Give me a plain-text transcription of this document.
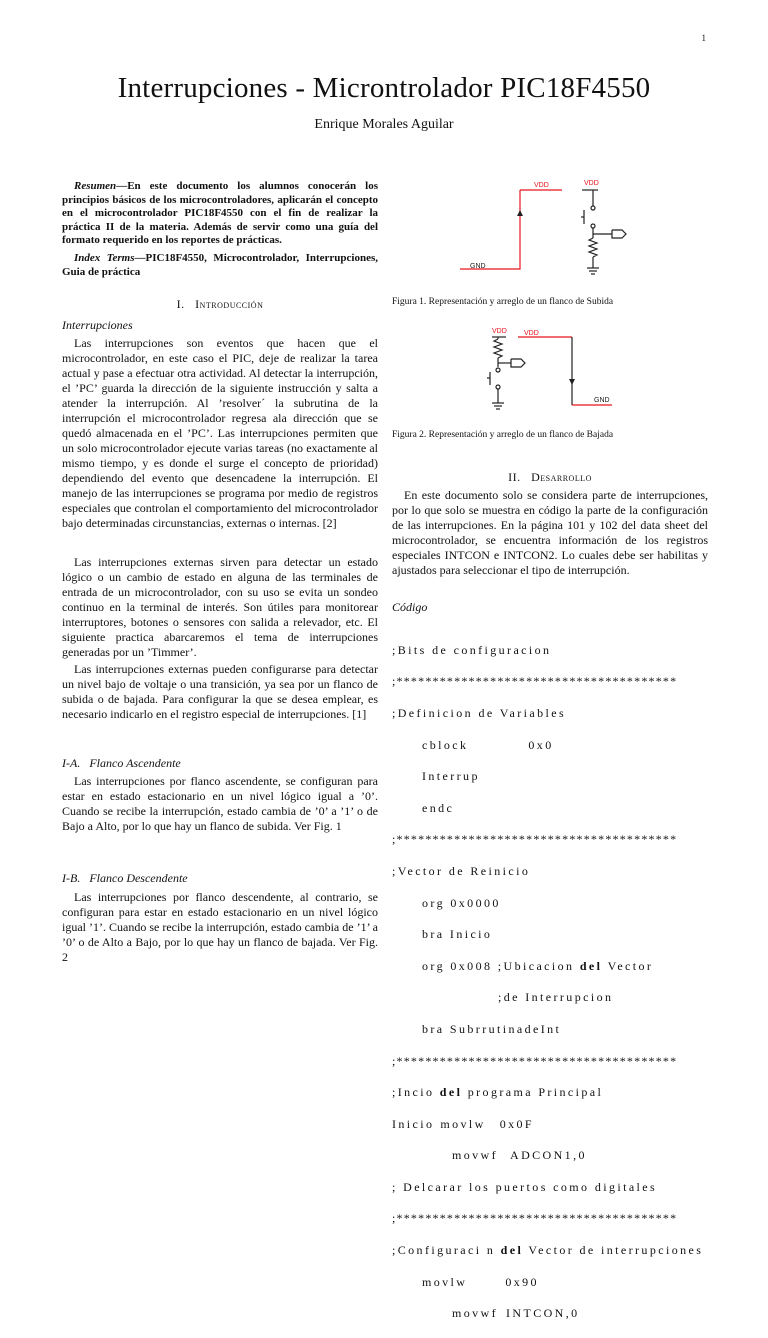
1
Interrupciones - Microntrolador PIC18F4550
Enrique Morales Aguilar
Resumen—En este documento los alumnos conocerán los principios básicos de los microcontroladores, aplicarán el concepto en el microcontrolador PIC18F4550 con el fin de realizar la práctica II de la materia. Además de servir como una guía del formato requerido en los reportes de prácticas.
Index Terms—PIC18F4550, Microcontrolador, Interrupciones, Guia de práctica
I. Introducción
Interrupciones
Las interrupciones son eventos que hacen que el microcontrolador, en este caso el PIC, deje de realizar la tarea actual y pase a efectuar otra actividad. Al detectar la interrupción, el ’PC’ guarda la dirección de la siguiente instrucción y salta a atender la interrupción. Al ’resolver´ la subrutina de la interrupción el microcontrolador regresa ala dirección que se quedó almacenada en el ’PC’. Las interrupciones permiten que un solo microcontrolador ejecute varias tareas (no exactamente al mismo tiempo, y es donde el surge el concepto de prioridad) dependiendo del evento que desencadene la interrupción. El manejo de las interrupciones se programa por medio de registros especiales que controlan el comportamiento del microcontrolador bajo determinadas circunstancias, externas o internas. [2]
Las interrupciones externas sirven para detectar un estado lógico o un cambio de estado en alguna de las terminales de entrada de un microcontrolador, con su uso se evita un sondeo continuo en la terminal de interés. Son útiles para monitorear interruptores, botones o sensores con salida a relevador, etc. El siguiente practica abarcaremos el tema de interrupciones generadas por un ’Timmer’.
Las interrupciones externas pueden configurarse para detectar un nivel bajo de voltaje o una transición, ya sea por un flanco de subida o de bajada. Para configurar la que se desea emplear, es necesario indicarlo en el registro especial de interrupciones. [1]
I-A. Flanco Ascendente
Las interrupciones por flanco ascendente, se configuran para estar en estado estacionario en un nivel lógico igual a ’0’. Cuando se recibe la interrupción, estado cambia de ’0’ a ’1’ o de Bajo a Alto, por lo que hay un flanco de subida. Ver Fig. 1
I-B. Flanco Descendente
Las interrupciones por flanco descendente, al contrario, se configuran para estar en estado estacionario en un nivel lógico igual ’1’. Cuando se recibe la interrupción, estado cambia de ’1’ a ’0’ o de Alto a Bajo, por lo que hay un flanco de bajada. Ver Fig. 2
VDD	VDD
GND
Figura 1. Representación y arreglo de un flanco de Subida
VDD VDD
GND
Figura 2. Representación y arreglo de un flanco de Bajada
II. Desarrollo
En este documento solo se considera parte de interrupciones, por lo que solo se muestra en código la parte de la configuración de las interrupciones. En la página 101 y 102 del data sheet del microcontrolador, se encuentra información de los registros especiales INTCON e INTCON2. Lo cuales debe ser habilitas y ajustados para seleccionar el tipo de interrupción.
Código

;Bits de configuracion

;***************************************

;Definicion de Variables

cblock	0x0

Interrup

endc

;***************************************

;Vector de Reinicio

org 0x0000

bra Inicio

org 0x008 ;Ubicacion del Vector

;de Interrupcion

bra SubrrutinadeInt

;***************************************

;Incio del programa Principal

Inicio movlw 0x0F

movwf ADCON1,0

; Delcarar los puertos como digitales

;***************************************

;Configuraci n del Vector de interrupciones

movlw	0x90

movwf INTCON,0
